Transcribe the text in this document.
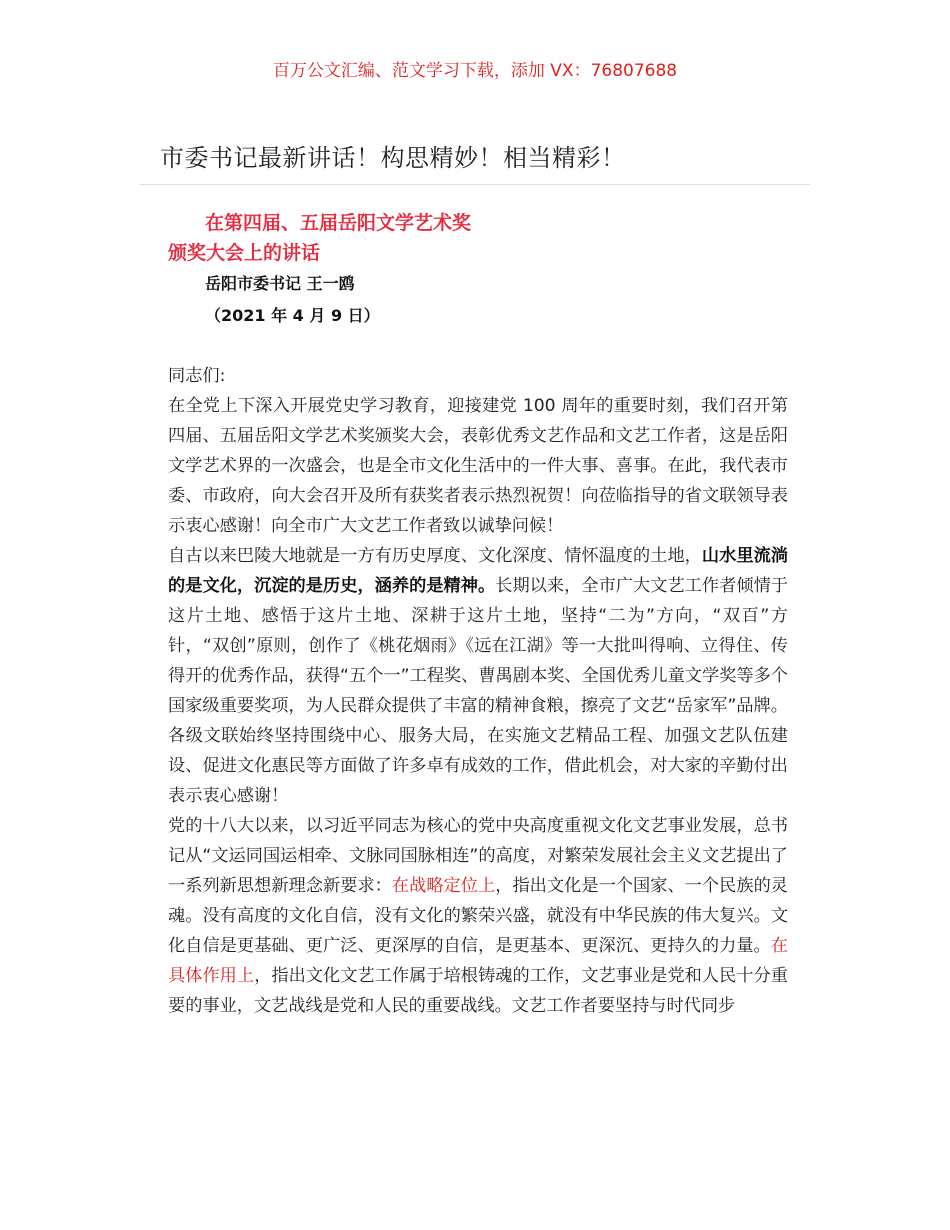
百万公文汇编、范文学习下载，添加 VX：76807688
市委书记最新讲话！构思精妙！相当精彩！
在第四届、五届岳阳文学艺术奖
颁奖大会上的讲话
岳阳市委书记 王一鸥
（2021 年 4 月 9 日）

同志们:

在全党上下深入开展党史学习教育，迎接建党 100 周年的重要时刻，我们召开第四届、五届岳阳文学艺术奖颁奖大会，表彰优秀文艺作品和文艺工作者，这是岳阳文学艺术界的一次盛会，也是全市文化生活中的一件大事、喜事。在此，我代表市委、市政府，向大会召开及所有获奖者表示热烈祝贺！向莅临指导的省文联领导表示衷心感谢！向全市广大文艺工作者致以诚挚问候！

自古以来巴陵大地就是一方有历史厚度、文化深度、情怀温度的土地，山水里流淌的是文化，沉淀的是历史，涵养的是精神。长期以来，全市广大文艺工作者倾情于这片土地、感悟于这片土地、深耕于这片土地，坚持“二为”方向，“双百”方针，“双创”原则，创作了《桃花烟雨》《远在江湖》等一大批叫得响、立得住、传得开的优秀作品，获得“五个一”工程奖、曹禺剧本奖、全国优秀儿童文学奖等多个国家级重要奖项，为人民群众提供了丰富的精神食粮，擦亮了文艺“岳家军”品牌。各级文联始终坚持围绕中心、服务大局，在实施文艺精品工程、加强文艺队伍建设、促进文化惠民等方面做了许多卓有成效的工作，借此机会，对大家的辛勤付出表示衷心感谢！

党的十八大以来，以习近平同志为核心的党中央高度重视文化文艺事业发展，总书记从“文运同国运相牵、文脉同国脉相连”的高度，对繁荣发展社会主义文艺提出了一系列新思想新理念新要求：在战略定位上，指出文化是一个国家、一个民族的灵魂。没有高度的文化自信，没有文化的繁荣兴盛，就没有中华民族的伟大复兴。文化自信是更基础、更广泛、更深厚的自信，是更基本、更深沉、更持久的力量。在具体作用上，指出文化文艺工作属于培根铸魂的工作，文艺事业是党和人民十分重要的事业，文艺战线是党和人民的重要战线。文艺工作者要坚持与时代同步
